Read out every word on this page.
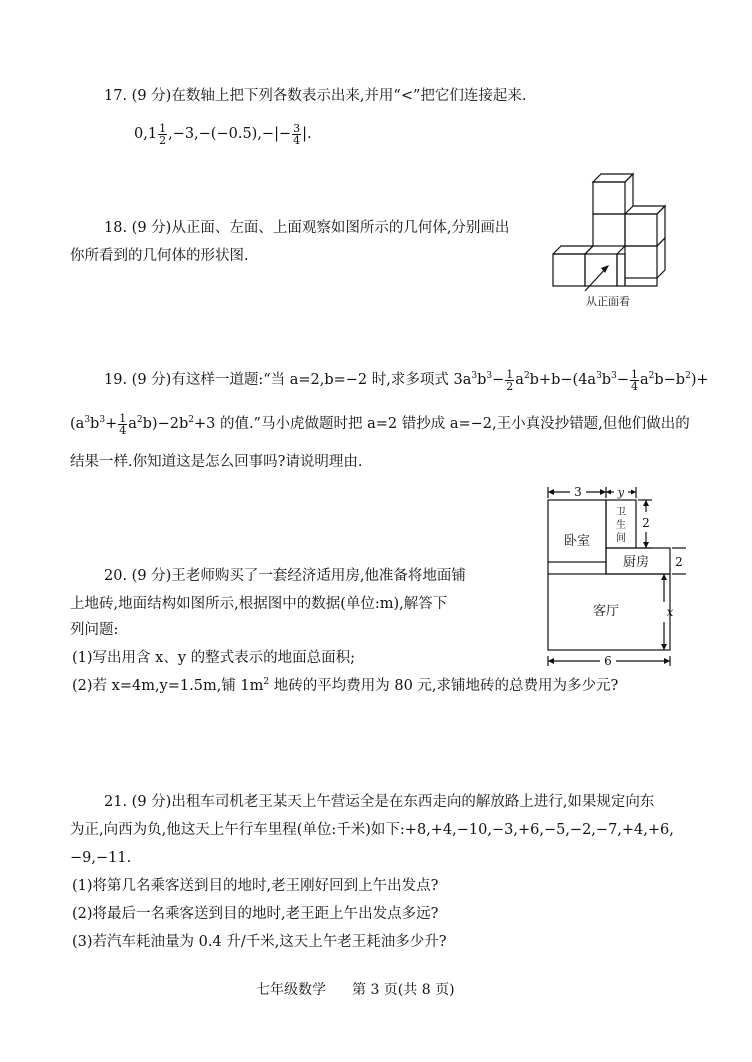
17. (9 分)在数轴上把下列各数表示出来,并用“<”把它们连接起来.
$0,1 \frac{1}{2} ,-3,-(-0.5),-|- \frac{3}{4}$ |.
18. (9 分)从正面、左面、上面观察如图所示的几何体,分别画出
你所看到的几何体的形状图.
从正面看
19. (9 分)有这样一道题:“当 a=2,b=−2 时,求多项式 $3a^3b^3- \frac{1}{2} a^2b+b-(4a^3b^3- \frac{1}{4} a^2b-b^2)+$
$(a^3b^3+ \frac{1}{4} a^2b)-2b^2+3$ 的值.”马小虎做题时把 a=2 错抄成 a=−2,王小真没抄错题,但他们做出的
结果一样.你知道这是怎么回事吗?请说明理由.
20. (9 分)王老师购买了一套经济适用房,他准备将地面铺
上地砖,地面结构如图所示,根据图中的数据(单位:m),解答下
列问题:
(1)写出用含 x、y 的整式表示的地面总面积;
(2)若 x=4m,y=1.5m,铺 $1m^2$ 地砖的平均费用为 80 元,求铺地砖的总费用为多少元?
3	y
2
2
x
6
卧室
卫
生
间
厨房
客厅
21. (9 分)出租车司机老王某天上午营运全是在东西走向的解放路上进行,如果规定向东
为正,向西为负,他这天上午行车里程(单位:千米)如下:+8,+4,−10,−3,+6,−5,−2,−7,+4,+6,
−9,−11.
(1)将第几名乘客送到目的地时,老王刚好回到上午出发点?
(2)将最后一名乘客送到目的地时,老王距上午出发点多远?
(3)若汽车耗油量为 0.4 升/千米,这天上午老王耗油多少升?
七年级数学 第 3 页(共 8 页)
